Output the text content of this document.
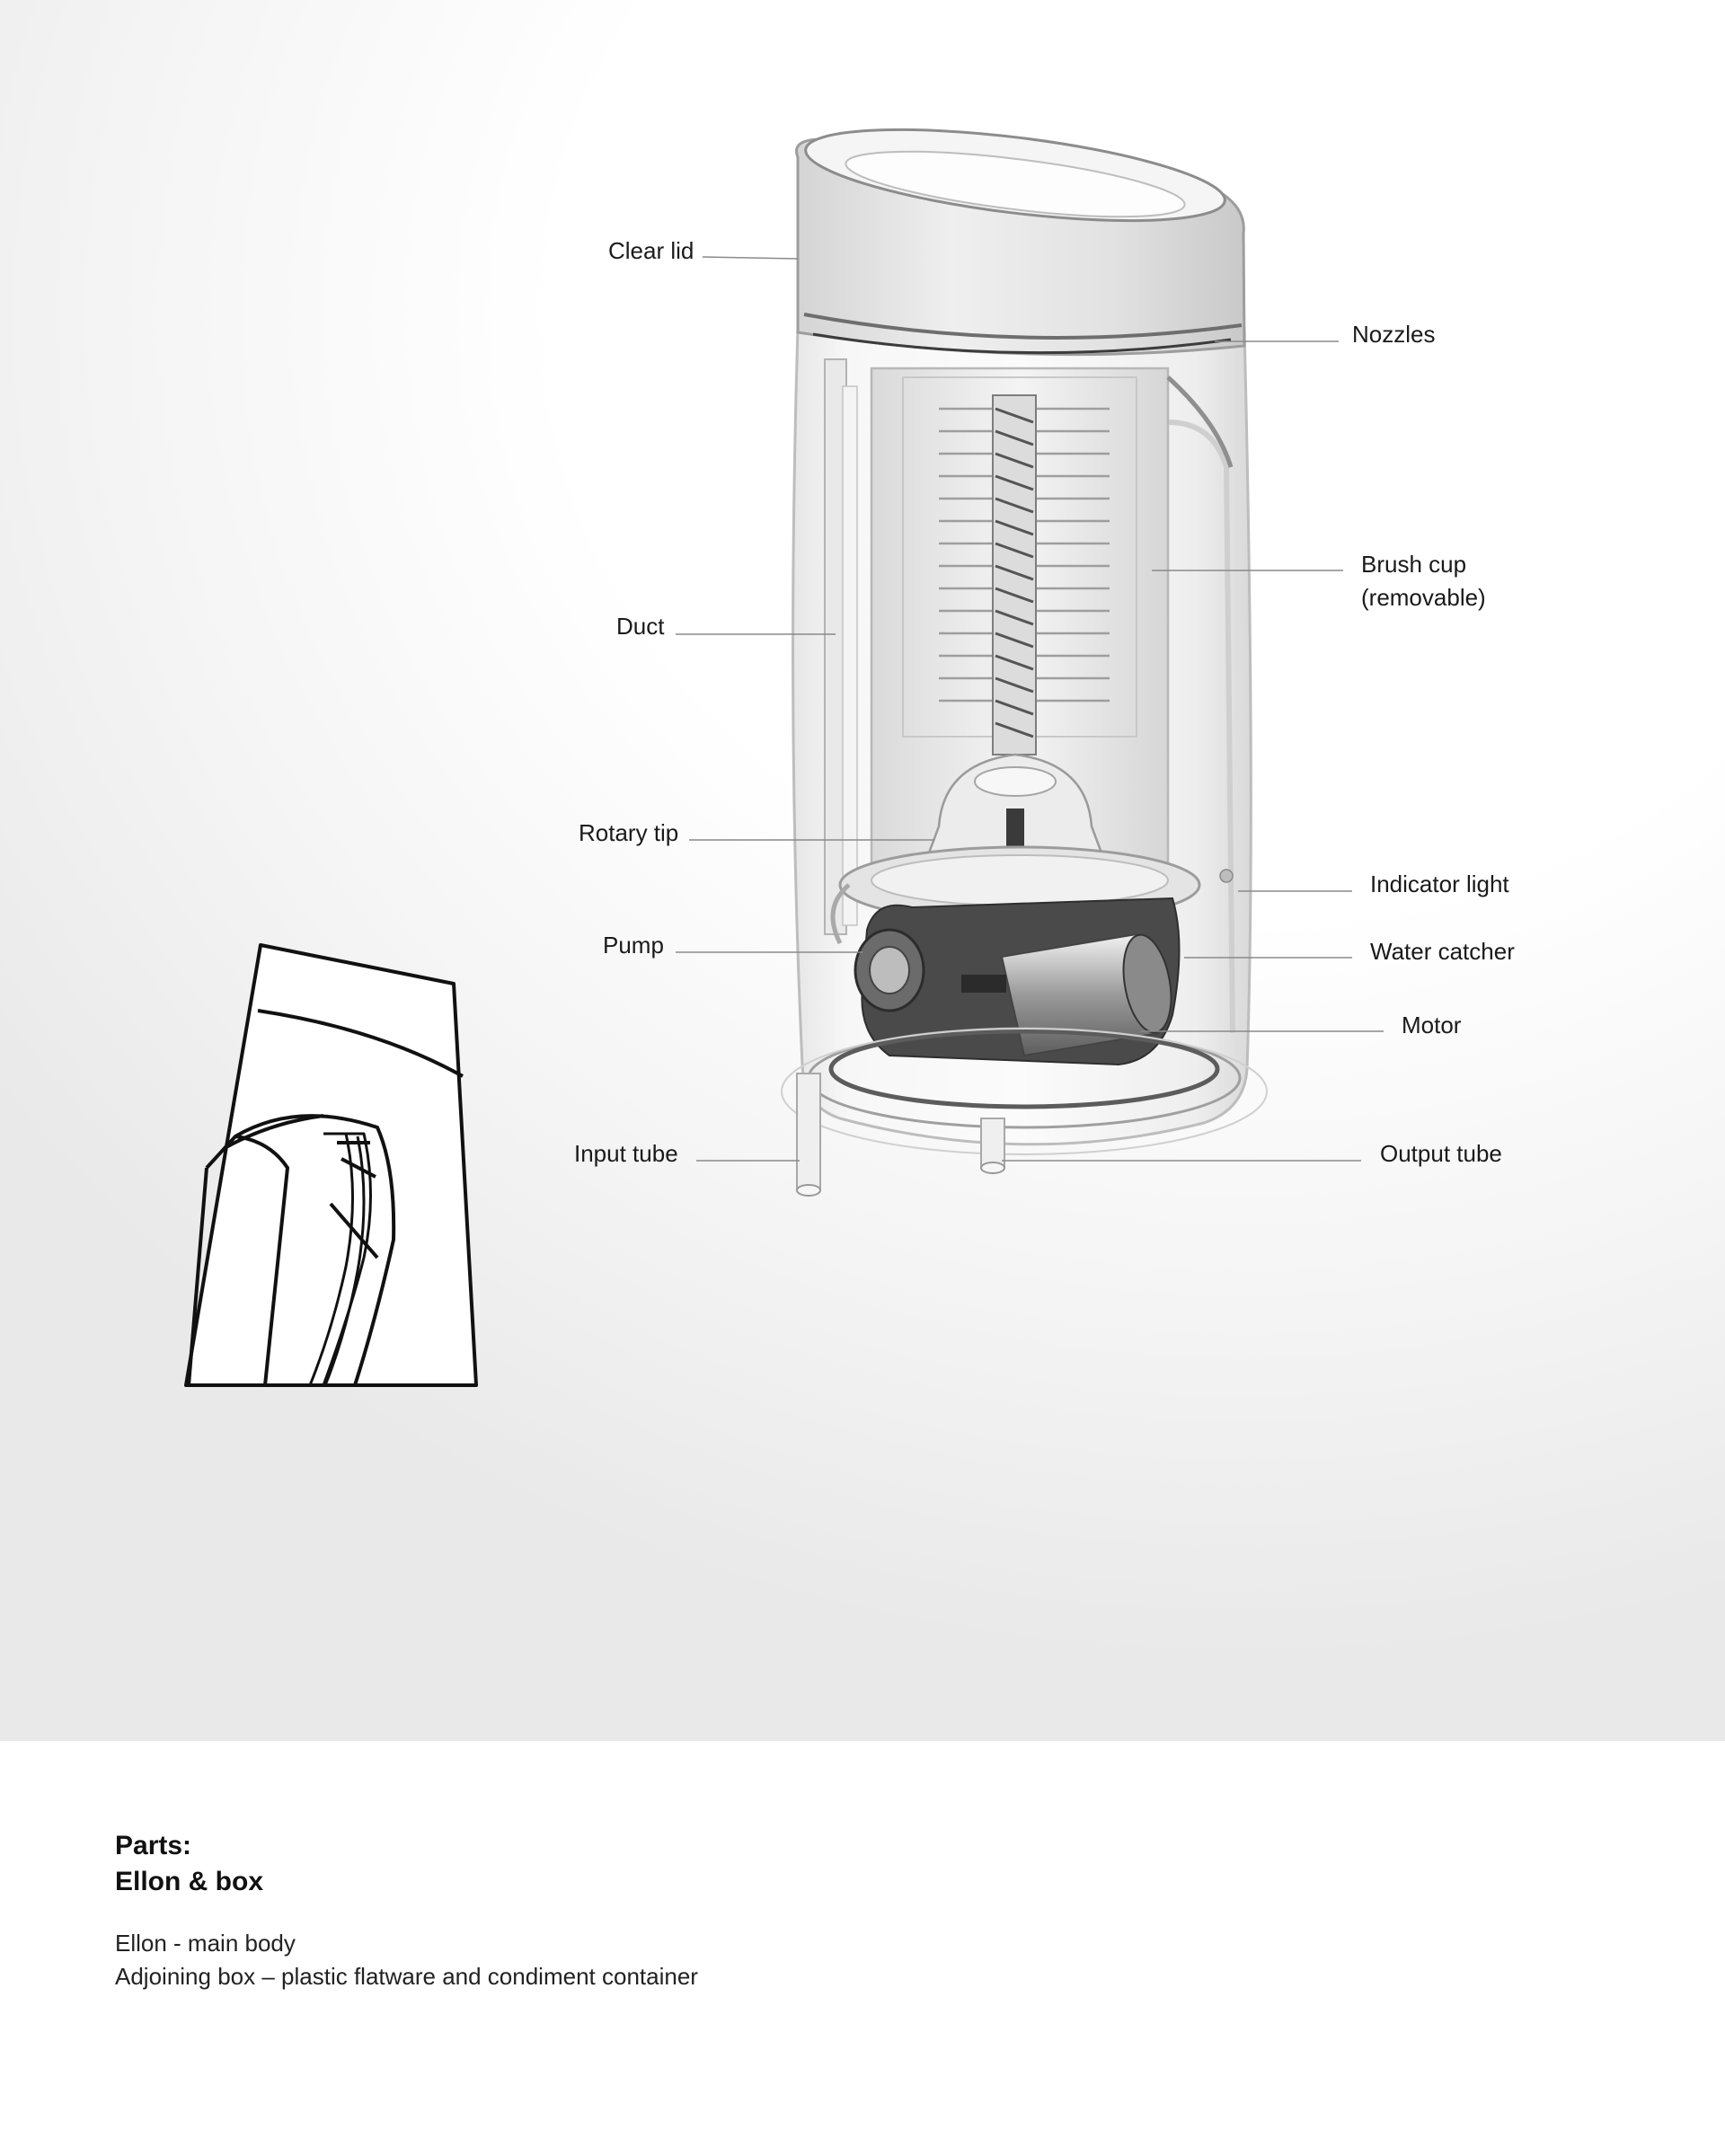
Clear lid
Nozzles
Brush cup (removable)
Duct
Rotary tip
Indicator light
Pump	Water catcher
Motor
Input tube	Output tube
Parts:
Ellon & box
Ellon - main body
Adjoining box – plastic flatware and condiment container
